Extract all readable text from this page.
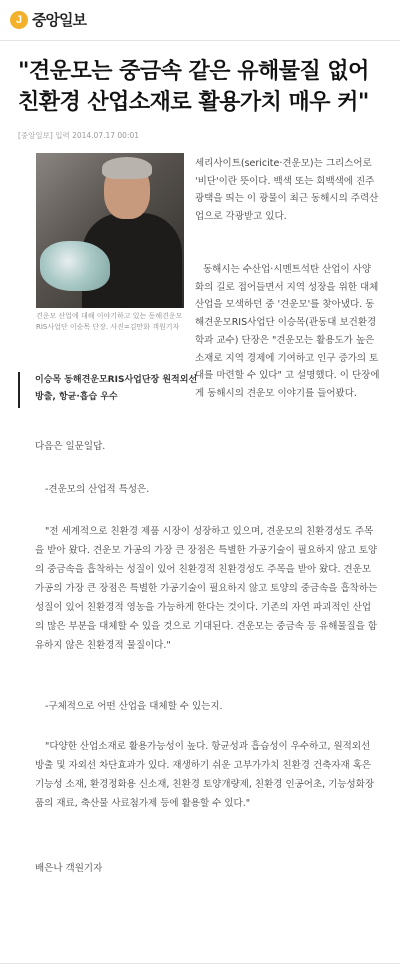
J 중앙일보
"견운모는 중금속 같은 유해물질 없어 친환경 산업소재로 활용가치 매우 커"
[중앙일보] 입력 2014.07.17 00:01
견운모 산업에 대해 이야기하고 있는 동해견운모 RIS사업단 이승목 단장. 사진=김만화 객원기자

이승목 동해견운모RIS사업단장 원적외선 방출, 항균·흡습 우수

세리사이트(sericite·견운모)는 그리스어로 '비단'이란 뜻이다. 백색 또는 회백색에 진주광택을 띄는 이 광물이 최근 동해시의 주력산업으로 각광받고 있다.

동해시는 수산업·시멘트석탄 산업이 사양화의 길로 접어들면서 지역 성장을 위한 대체산업을 모색하던 중 '견운모'를 찾아냈다. 동해견운모RIS사업단 이승목(관동대 보건환경학과 교수) 단장은 "견운모는 활용도가 높은 소재로 지역 경제에 기여하고 인구 증가의 토대를 마련할 수 있다" 고 설명했다. 이 단장에게 동해시의 견운모 이야기를 들어봤다.

다음은 일문일답.

-견운모의 산업적 특성은.

"전 세계적으로 친환경 제품 시장이 성장하고 있으며, 견운모의 친환경성도 주목을 받아 왔다. 견운모 가공의 가장 큰 장점은 특별한 가공기술이 필요하지 않고 토양의 중금속을 흡착하는 성질이 있어 친환경적 친환경성도 주목을 받아 왔다. 견운모 가공의 가장 큰 장점은 특별한 가공기술이 필요하지 않고 토양의 중금속을 흡착하는 성질이 있어 친환경적 영농을 가능하게 한다는 것이다. 기존의 자연 파괴적인 산업의 많은 부분을 대체할 수 있을 것으로 기대된다. 견운모는 중금속 등 유해물질을 함유하지 않은 친환경적 물질이다."

-구체적으로 어떤 산업을 대체할 수 있는지.

"다양한 산업소재로 활용가능성이 높다. 항균성과 흡습성이 우수하고, 원적외선 방출 및 자외선 차단효과가 있다. 재생하기 쉬운 고부가가치 친환경 건축자재 혹은 기능성 소재, 환경정화용 신소재, 친환경 토양개량제, 친환경 인공어초, 기능성화장품의 재료, 축산물 사료첨가제 등에 활용할 수 있다."

배은나 객원기자
